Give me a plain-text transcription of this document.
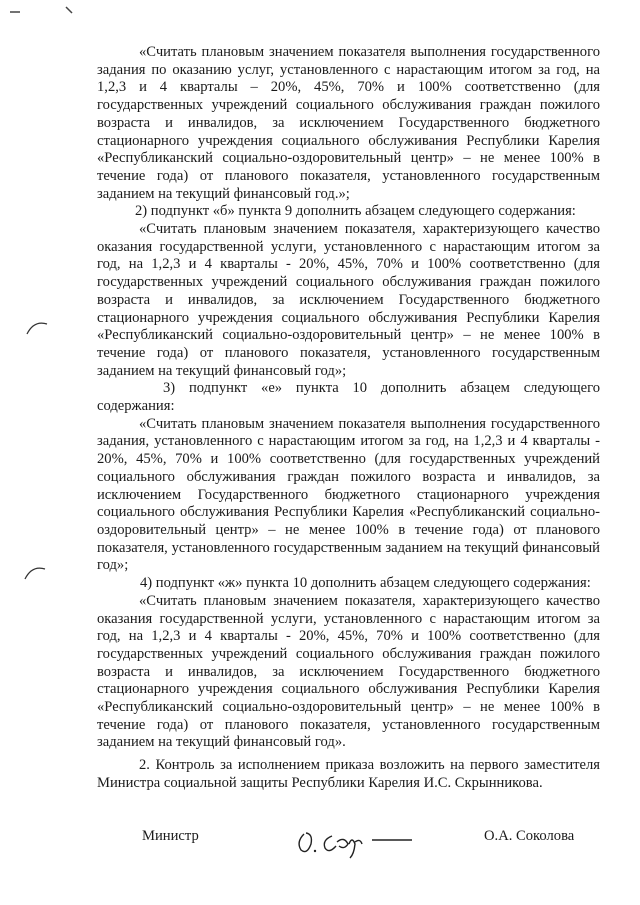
«Считать плановым значением показателя выполнения государственного задания по оказанию услуг, установленного с нарастающим итогом за год, на 1,2,3 и 4 кварталы – 20%, 45%, 70% и 100% соответственно (для государственных учреждений социального обслуживания граждан пожилого возраста и инвалидов, за исключением Государственного бюджетного стационарного учреждения социального обслуживания Республики Карелия «Республиканский социально-оздоровительный центр» – не менее 100% в течение года) от планового показателя, установленного государственным заданием на текущий финансовый год.»;

2) подпункт «б» пункта 9 дополнить абзацем следующего содержания:

«Считать плановым значением показателя, характеризующего качество оказания государственной услуги, установленного с нарастающим итогом за год, на 1,2,3 и 4 кварталы - 20%, 45%, 70% и 100% соответственно (для государственных учреждений социального обслуживания граждан пожилого возраста и инвалидов, за исключением Государственного бюджетного стационарного учреждения социального обслуживания Республики Карелия «Республиканский социально-оздоровительный центр» – не менее 100% в течение года) от планового показателя, установленного государственным заданием на текущий финансовый год»;

3) подпункт «е» пункта 10 дополнить абзацем следующего содержания:

«Считать плановым значением показателя выполнения государственного задания, установленного с нарастающим итогом за год, на 1,2,3 и 4 кварталы - 20%, 45%, 70% и 100% соответственно (для государственных учреждений социального обслуживания граждан пожилого возраста и инвалидов, за исключением Государственного бюджетного стационарного учреждения социального обслуживания Республики Карелия «Республиканский социально-оздоровительный центр» – не менее 100% в течение года) от планового показателя, установленного государственным заданием на текущий финансовый год»;

4) подпункт «ж» пункта 10 дополнить абзацем следующего содержания:

«Считать плановым значением показателя, характеризующего качество оказания государственной услуги, установленного с нарастающим итогом за год, на 1,2,3 и 4 кварталы - 20%, 45%, 70% и 100% соответственно (для государственных учреждений социального обслуживания граждан пожилого возраста и инвалидов, за исключением Государственного бюджетного стационарного учреждения социального обслуживания Республики Карелия «Республиканский социально-оздоровительный центр» – не менее 100% в течение года) от планового показателя, установленного государственным заданием на текущий финансовый год».

2. Контроль за исполнением приказа возложить на первого заместителя Министра социальной защиты Республики Карелия И.С. Скрынникова.

Министр	О.А. Соколова
